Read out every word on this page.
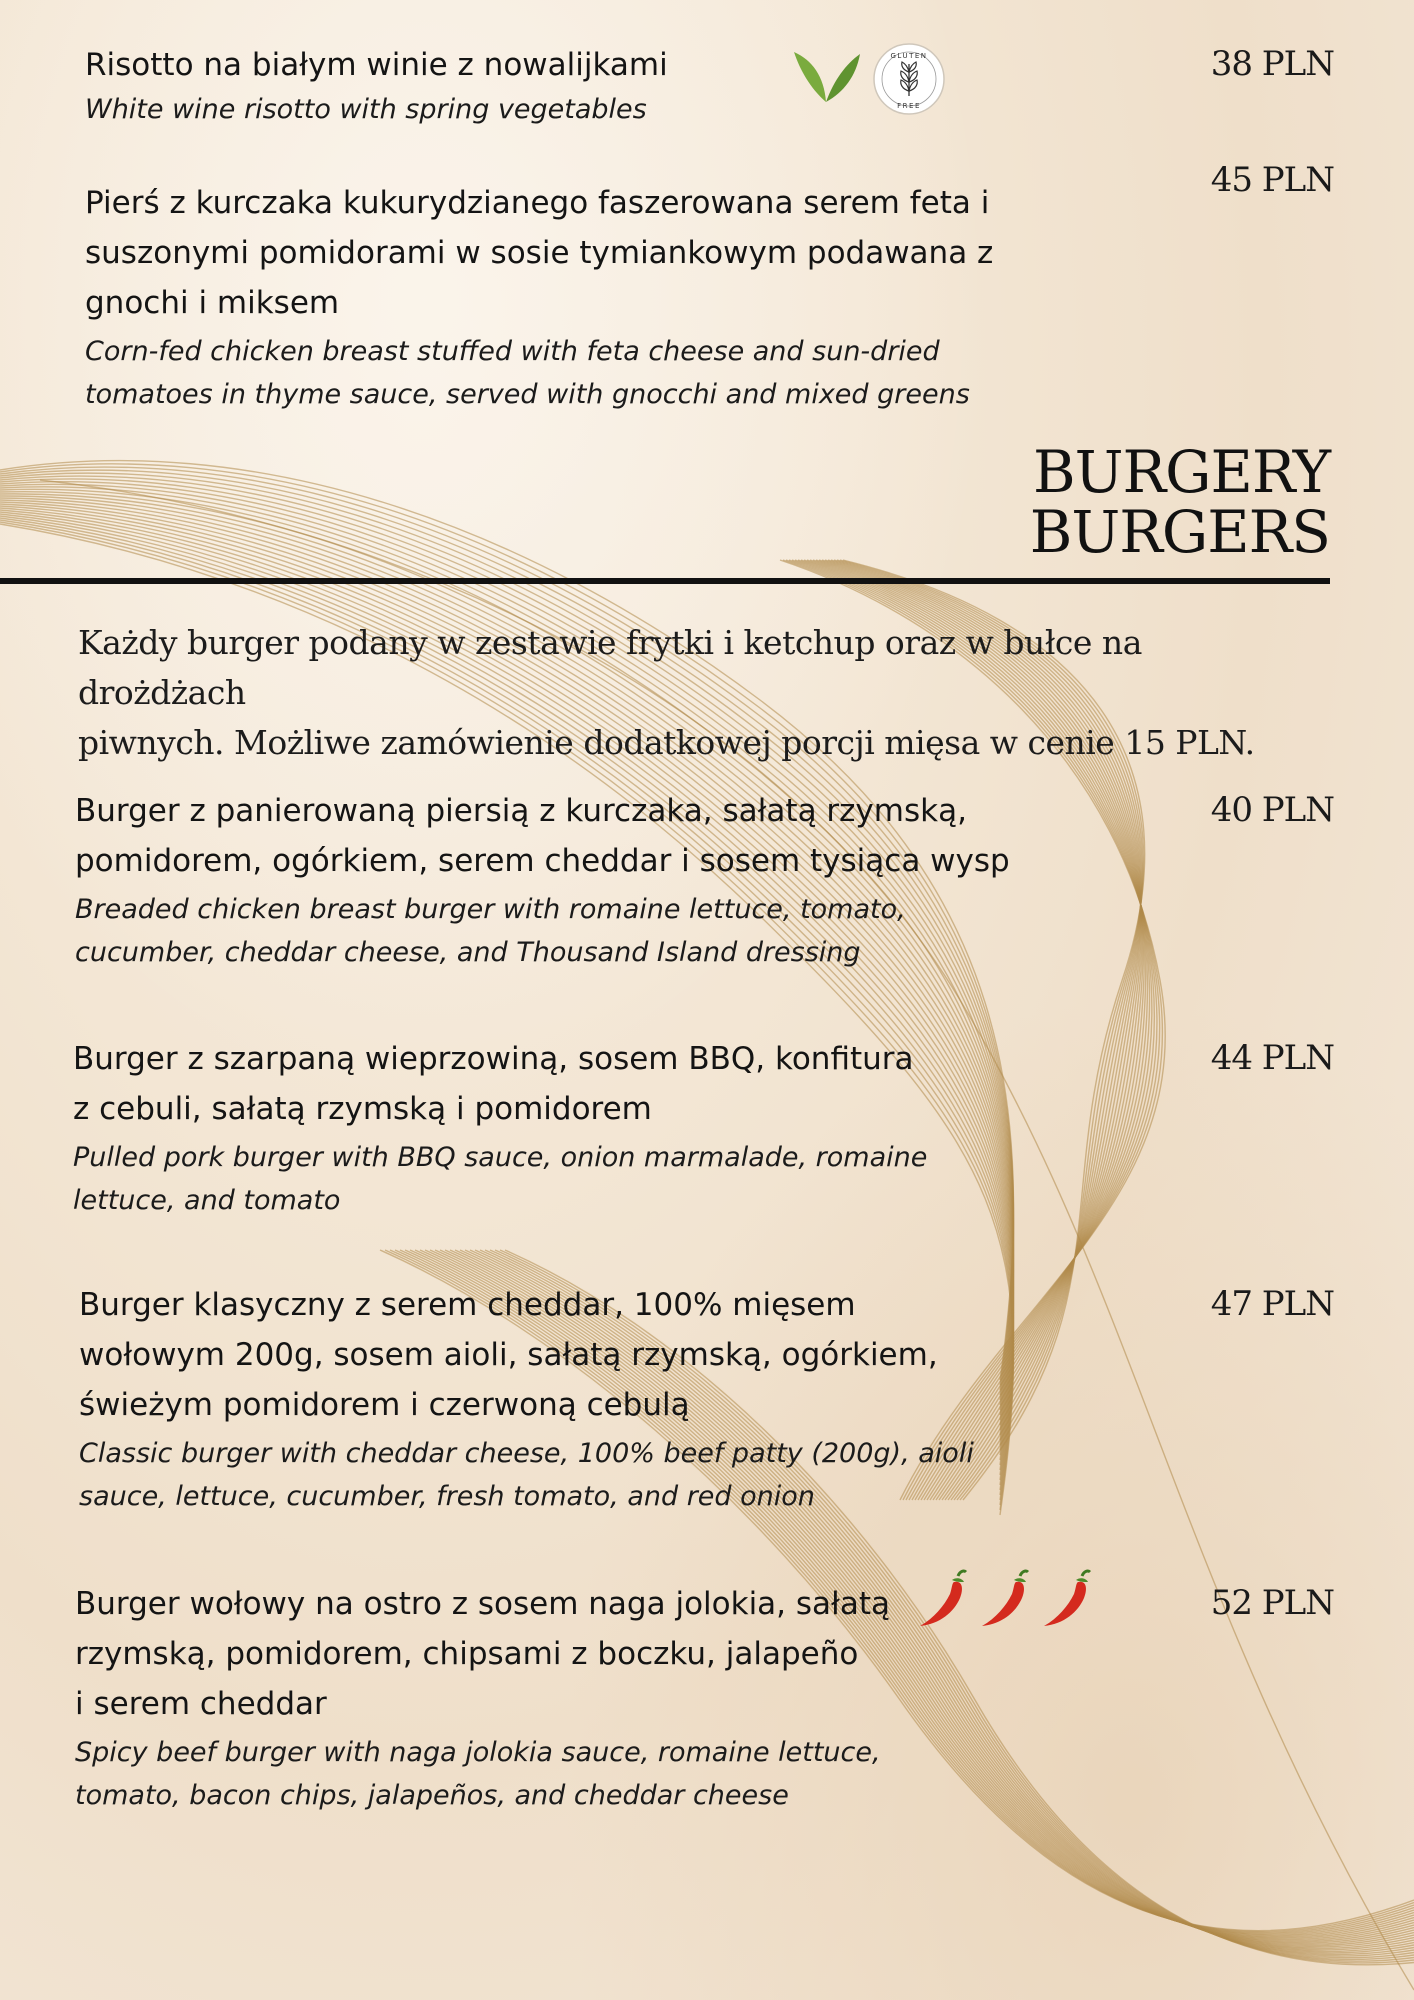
Risotto na białym winie z nowalijkami
White wine risotto with spring vegetables
GLUTEN
FREE
38 PLN
Pierś z kurczaka kukurydzianego faszerowana serem feta i
suszonymi pomidorami w sosie tymiankowym podawana z
gnochi i miksem
Corn-fed chicken breast stuffed with feta cheese and sun-dried
tomatoes in thyme sauce, served with gnocchi and mixed greens
45 PLN
BURGERY
BURGERS
Każdy burger podany w zestawie frytki i ketchup oraz w bułce na drożdżach
piwnych. Możliwe zamówienie dodatkowej porcji mięsa w cenie 15 PLN.
Burger z panierowaną piersią z kurczaka, sałatą rzymską,
pomidorem, ogórkiem, serem cheddar i sosem tysiąca wysp
Breaded chicken breast burger with romaine lettuce, tomato,
cucumber, cheddar cheese, and Thousand Island dressing
40 PLN
Burger z szarpaną wieprzowiną, sosem BBQ, konfitura
z cebuli, sałatą rzymską i pomidorem
Pulled pork burger with BBQ sauce, onion marmalade, romaine
lettuce, and tomato
44 PLN
Burger klasyczny z serem cheddar, 100% mięsem
wołowym 200g, sosem aioli, sałatą rzymską, ogórkiem,
świeżym pomidorem i czerwoną cebulą
Classic burger with cheddar cheese, 100% beef patty (200g), aioli
sauce, lettuce, cucumber, fresh tomato, and red onion
47 PLN
Burger wołowy na ostro z sosem naga jolokia, sałatą
rzymską, pomidorem, chipsami z boczku, jalapeño
i serem cheddar
Spicy beef burger with naga jolokia sauce, romaine lettuce,
tomato, bacon chips, jalapeños, and cheddar cheese
52 PLN
